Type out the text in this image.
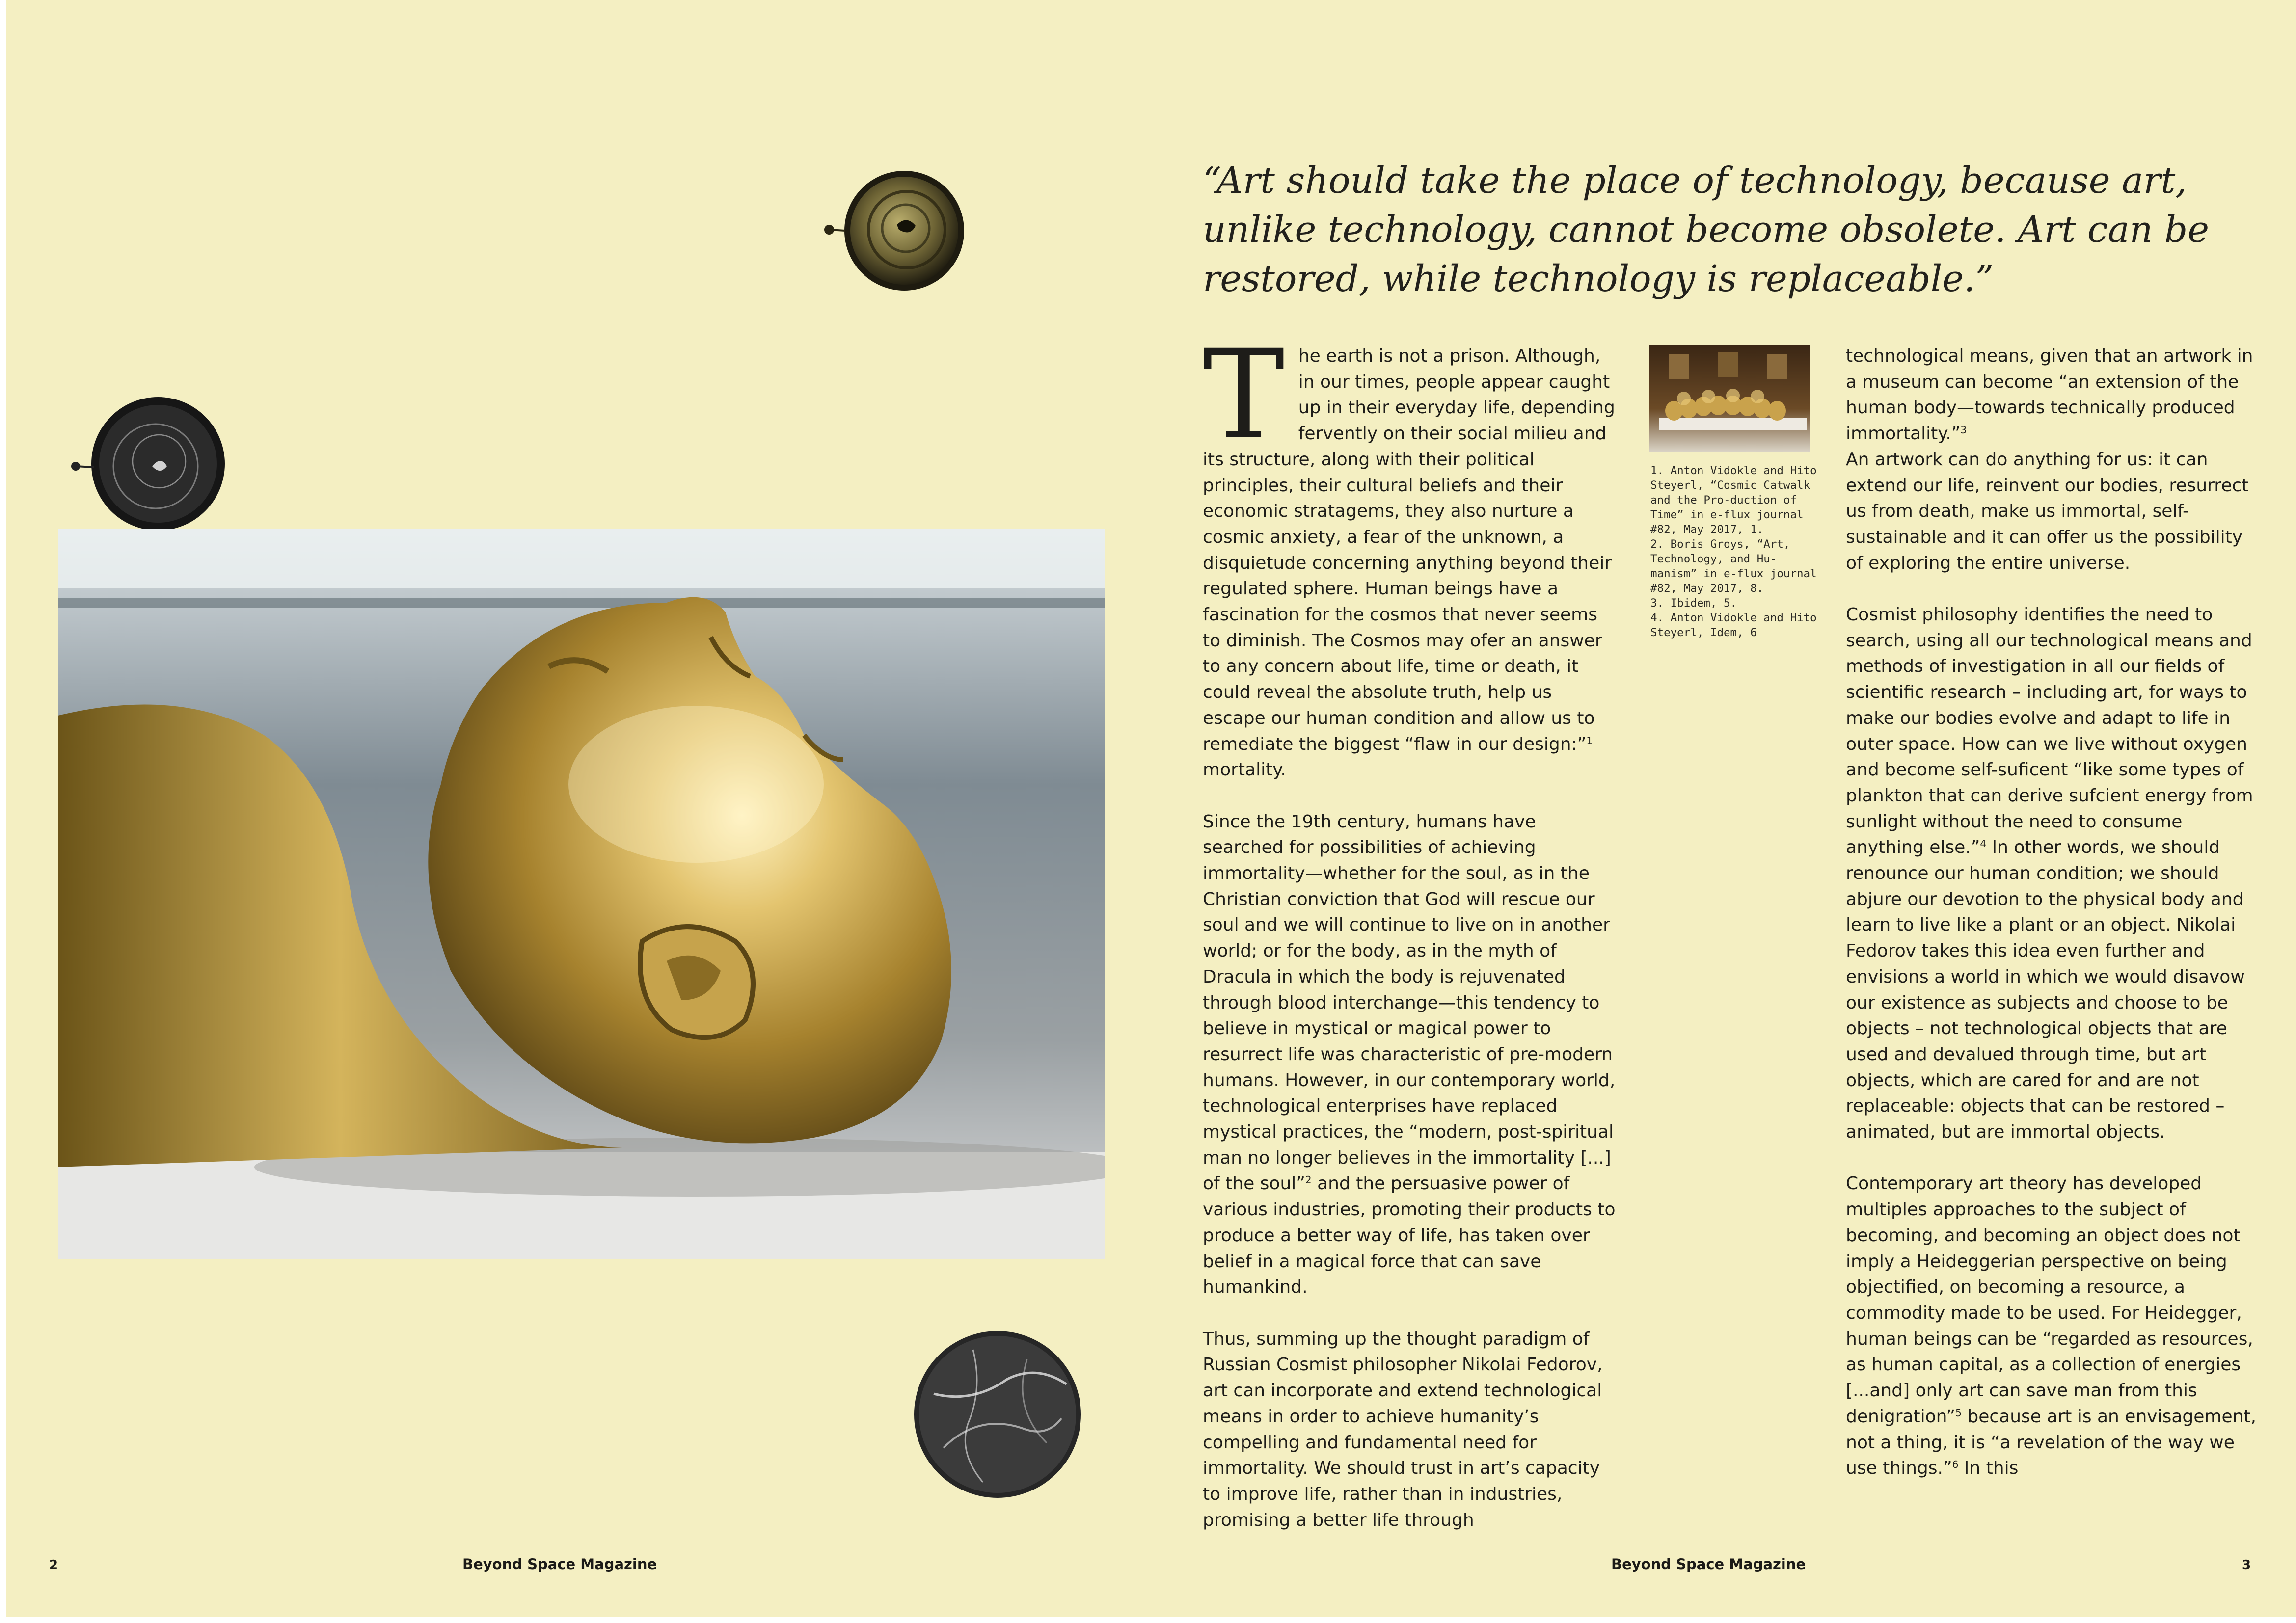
“Art should take the place of technology, because art, unlike technology, cannot become obsolete. Art can be restored, while technology is replaceable.”

The earth is not a prison. Although, in our times, people appear caught up in their everyday life, depending fervently on their social milieu and its structure, along with their political principles, their cultural beliefs and their economic stratagems, they also nurture a cosmic anxiety, a fear of the unknown, a disquietude concerning anything beyond their regulated sphere. Human beings have a fascination for the cosmos that never seems to diminish. The Cosmos may ofer an answer to any concern about life, time or death, it could reveal the absolute truth, help us escape our human condition and allow us to remediate the biggest “flaw in our design:”$^1$ mortality.

Since the 19th century, humans have searched for possibilities of achieving immortality—whether for the soul, as in the Christian conviction that God will rescue our soul and we will continue to live on in another world; or for the body, as in the myth of Dracula in which the body is rejuvenated through blood interchange—this tendency to believe in mystical or magical power to resurrect life was characteristic of pre-modern humans. However, in our contemporary world, technological enterprises have replaced mystical practices, the “modern, post-spiritual man no longer believes in the immortality [...] of the soul”$^2$ and the persuasive power of various industries, promoting their products to produce a better way of life, has taken over belief in a magical force that can save humankind.

Thus, summing up the thought paradigm of Russian Cosmist philosopher Nikolai Fedorov, art can incorporate and extend technological means in order to achieve humanity’s compelling and fundamental need for immortality. We should trust in art’s capacity to improve life, rather than in industries, promising a better life through

1. Anton Vidokle and Hito Steyerl, “Cosmic Catwalk and the Pro-duction of Time” in e-flux journal #82, May 2017, 1.
2. Boris Groys, “Art, Technology, and Hu-manism” in e-flux journal #82, May 2017, 8.
3. Ibidem, 5.
4. Anton Vidokle and Hito Steyerl, Idem, 6

technological means, given that an artwork in a museum can become “an extension of the human body—towards technically produced immortality.”$^3$

An artwork can do anything for us: it can extend our life, reinvent our bodies, resurrect us from death, make us immortal, self-sustainable and it can offer us the possibility of exploring the entire universe.

Cosmist philosophy identifies the need to search, using all our technological means and methods of investigation in all our fields of scientific research – including art, for ways to make our bodies evolve and adapt to life in outer space. How can we live without oxygen and become self-suficent “like some types of plankton that can derive sufcient energy from sunlight without the need to consume anything else.”$^4$ In other words, we should renounce our human condition; we should abjure our devotion to the physical body and learn to live like a plant or an object. Nikolai Fedorov takes this idea even further and envisions a world in which we would disavow our existence as subjects and choose to be objects – not technological objects that are used and devalued through time, but art objects, which are cared for and are not replaceable: objects that can be restored – animated, but are immortal objects.

Contemporary art theory has developed multiples approaches to the subject of becoming, and becoming an object does not imply a Heideggerian perspective on being objectified, on becoming a resource, a commodity made to be used. For Heidegger, human beings can be “regarded as resources, as human capital, as a collection of energies [...and] only art can save man from this denigration”$^5$ because art is an envisagement, not a thing, it is “a revelation of the way we use things.”$^6$ In this

2	Beyond Space Magazine	Beyond Space Magazine	3
